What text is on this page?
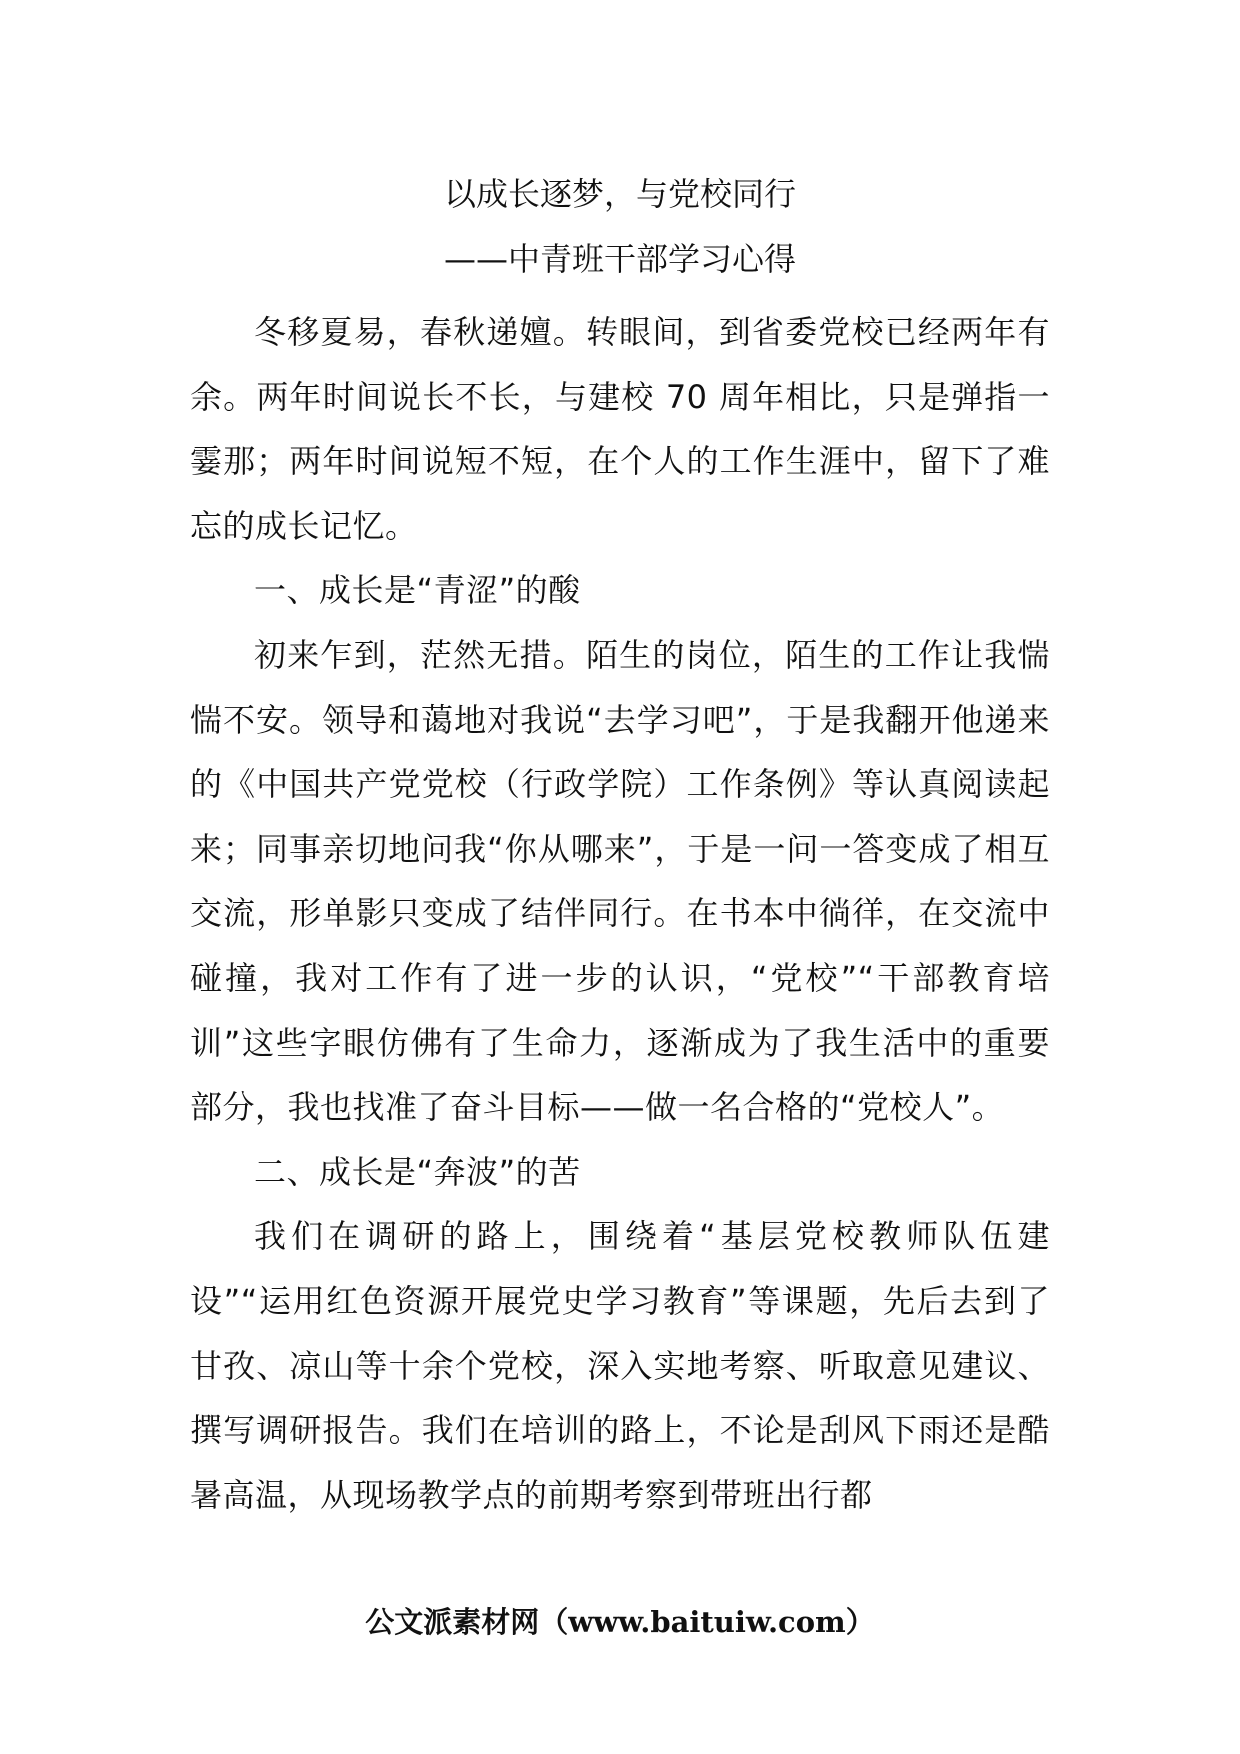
以成长逐梦，与党校同行
——中青班干部学习心得

冬移夏易，春秋递嬗。转眼间，到省委党校已经两年有余。两年时间说长不长，与建校 70 周年相比，只是弹指一霎那；两年时间说短不短，在个人的工作生涯中，留下了难忘的成长记忆。

一、成长是“青涩”的酸

初来乍到，茫然无措。陌生的岗位，陌生的工作让我惴惴不安。领导和蔼地对我说“去学习吧”，于是我翻开他递来的《中国共产党党校（行政学院）工作条例》等认真阅读起来；同事亲切地问我“你从哪来”，于是一问一答变成了相互交流，形单影只变成了结伴同行。在书本中徜徉，在交流中碰撞，我对工作有了进一步的认识，“党校”“干部教育培训”这些字眼仿佛有了生命力，逐渐成为了我生活中的重要部分，我也找准了奋斗目标——做一名合格的“党校人”。

二、成长是“奔波”的苦

我们在调研的路上，围绕着“基层党校教师队伍建设”“运用红色资源开展党史学习教育”等课题，先后去到了甘孜、凉山等十余个党校，深入实地考察、听取意见建议、撰写调研报告。我们在培训的路上，不论是刮风下雨还是酷暑高温，从现场教学点的前期考察到带班出行都

公文派素材网（www.baituiw.com）
